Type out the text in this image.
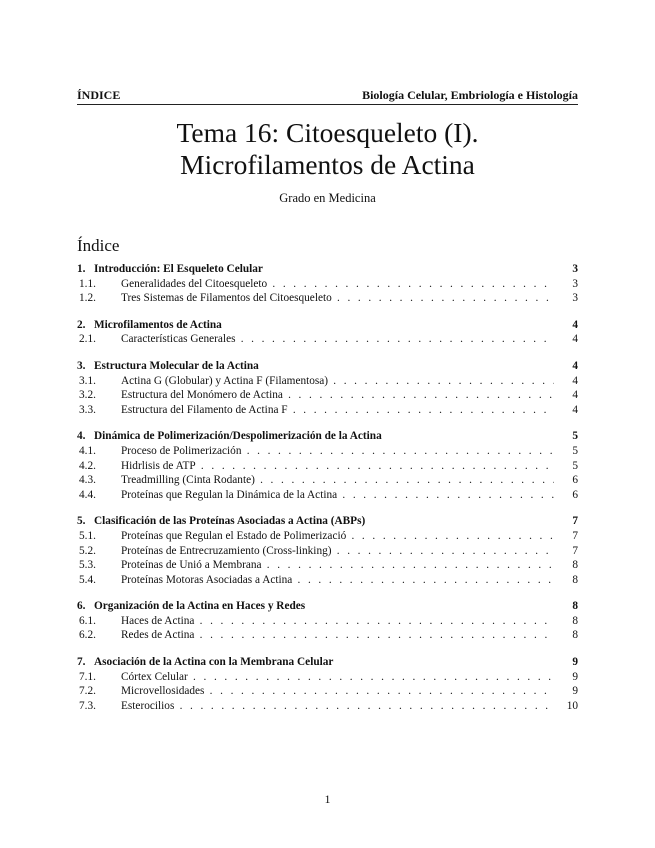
ÍNDICE	Biología Celular, Embriología e Histología
Tema 16: Citoesqueleto (I).
Microfilamentos de Actina
Grado en Medicina
Índice
1. Introducción: El Esqueleto Celular	3
1.1. Generalidades del Citoesqueleto . . .	3
1.2. Tres Sistemas de Filamentos del Citoesqueleto . . .	3
2. Microfilamentos de Actina	4
2.1. Características Generales . . .	4
3. Estructura Molecular de la Actina	4
3.1. Actina G (Globular) y Actina F (Filamentosa) . . .	4
3.2. Estructura del Monómero de Actina . . .	4
3.3. Estructura del Filamento de Actina F . . .	4
4. Dinámica de Polimerización/Despolimerización de la Actina	5
4.1. Proceso de Polimerización . . .	5
4.2. Hidrlisis de ATP . . .	5
4.3. Treadmilling (Cinta Rodante) . . .	6
4.4. Proteínas que Regulan la Dinámica de la Actina . . .	6
5. Clasificación de las Proteínas Asociadas a Actina (ABPs)	7
5.1. Proteínas que Regulan el Estado de Polimerizació . . .	7
5.2. Proteínas de Entrecruzamiento (Cross-linking) . . .	7
5.3. Proteínas de Unió a Membrana . . .	8
5.4. Proteínas Motoras Asociadas a Actina . . .	8
6. Organización de la Actina en Haces y Redes	8
6.1. Haces de Actina . . .	8
6.2. Redes de Actina . . .	8
7. Asociación de la Actina con la Membrana Celular	9
7.1. Córtex Celular . . .	9
7.2. Microvellosidades . . .	9
7.3. Esterocilios . . .	10
1
